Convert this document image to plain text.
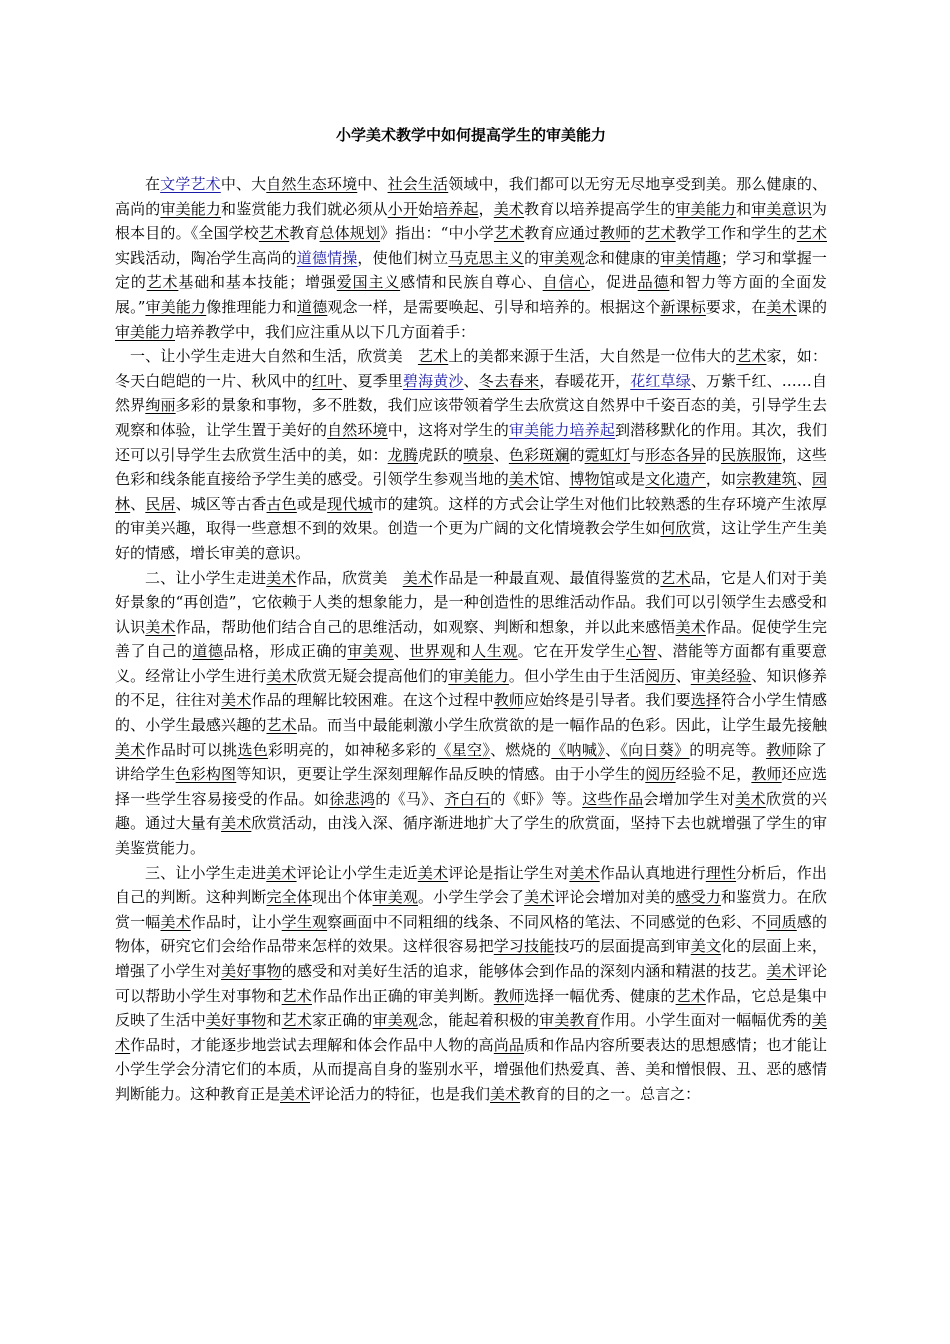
小学美术教学中如何提高学生的审美能力

在文学艺术中、大自然生态环境中、社会生活领域中，我们都可以无穷无尽地享受到美。那么健康的、高尚的审美能力和鉴赏能力我们就必须从小开始培养起，美术教育以培养提高学生的审美能力和审美意识为根本目的。《全国学校艺术教育总体规划》指出：“中小学艺术教育应通过教师的艺术教学工作和学生的艺术实践活动，陶冶学生高尚的道德情操，使他们树立马克思主义的审美观念和健康的审美情趣；学习和掌握一定的艺术基础和基本技能；增强爱国主义感情和民族自尊心、自信心，促进品德和智力等方面的全面发展。”审美能力像推理能力和道德观念一样，是需要唤起、引导和培养的。根据这个新课标要求，在美术课的审美能力培养教学中，我们应注重从以下几方面着手：

一、让小学生走进大自然和生活，欣赏美　艺术上的美都来源于生活，大自然是一位伟大的艺术家，如：冬天白皑皑的一片、秋风中的红叶、夏季里碧海黄沙、冬去春来，春暖花开，花红草绿、万紫千红、……自然界绚丽多彩的景象和事物，多不胜数，我们应该带领着学生去欣赏这自然界中千姿百态的美，引导学生去观察和体验，让学生置于美好的自然环境中，这将对学生的审美能力培养起到潜移默化的作用。其次，我们还可以引导学生去欣赏生活中的美，如：龙腾虎跃的喷泉、色彩斑斓的霓虹灯与形态各异的民族服饰，这些色彩和线条能直接给予学生美的感受。引领学生参观当地的美术馆、博物馆或是文化遗产，如宗教建筑、园林、民居、城区等古香古色或是现代城市的建筑。这样的方式会让学生对他们比较熟悉的生存环境产生浓厚的审美兴趣，取得一些意想不到的效果。创造一个更为广阔的文化情境教会学生如何欣赏，这让学生产生美好的情感，增长审美的意识。

二、让小学生走进美术作品，欣赏美　美术作品是一种最直观、最值得鉴赏的艺术品，它是人们对于美好景象的“再创造”，它依赖于人类的想象能力，是一种创造性的思维活动作品。我们可以引领学生去感受和认识美术作品，帮助他们结合自己的思维活动，如观察、判断和想象，并以此来感悟美术作品。促使学生完善了自己的道德品格，形成正确的审美观、世界观和人生观。它在开发学生心智、潜能等方面都有重要意义。经常让小学生进行美术欣赏无疑会提高他们的审美能力。但小学生由于生活阅历、审美经验、知识修养的不足，往往对美术作品的理解比较困难。在这个过程中教师应始终是引导者。我们要选择符合小学生情感的、小学生最感兴趣的艺术品。而当中最能刺激小学生欣赏欲的是一幅作品的色彩。因此，让学生最先接触美术作品时可以挑选色彩明亮的，如神秘多彩的《星空》、燃烧的《呐喊》、《向日葵》的明亮等。教师除了讲给学生色彩构图等知识，更要让学生深刻理解作品反映的情感。由于小学生的阅历经验不足，教师还应选择一些学生容易接受的作品。如徐悲鸿的《马》、齐白石的《虾》等。这些作品会增加学生对美术欣赏的兴趣。通过大量有美术欣赏活动，由浅入深、循序渐进地扩大了学生的欣赏面，坚持下去也就增强了学生的审美鉴赏能力。

三、让小学生走进美术评论让小学生走近美术评论是指让学生对美术作品认真地进行理性分析后，作出自己的判断。这种判断完全体现出个体审美观。小学生学会了美术评论会增加对美的感受力和鉴赏力。在欣赏一幅美术作品时，让小学生观察画面中不同粗细的线条、不同风格的笔法、不同感觉的色彩、不同质感的物体，研究它们会给作品带来怎样的效果。这样很容易把学习技能技巧的层面提高到审美文化的层面上来，增强了小学生对美好事物的感受和对美好生活的追求，能够体会到作品的深刻内涵和精湛的技艺。美术评论可以帮助小学生对事物和艺术作品作出正确的审美判断。教师选择一幅优秀、健康的艺术作品，它总是集中反映了生活中美好事物和艺术家正确的审美观念，能起着积极的审美教育作用。小学生面对一幅幅优秀的美术作品时，才能逐步地尝试去理解和体会作品中人物的高尚品质和作品内容所要表达的思想感情；也才能让小学生学会分清它们的本质，从而提高自身的鉴别水平，增强他们热爱真、善、美和憎恨假、丑、恶的感情判断能力。这种教育正是美术评论活力的特征，也是我们美术教育的目的之一。总言之：
